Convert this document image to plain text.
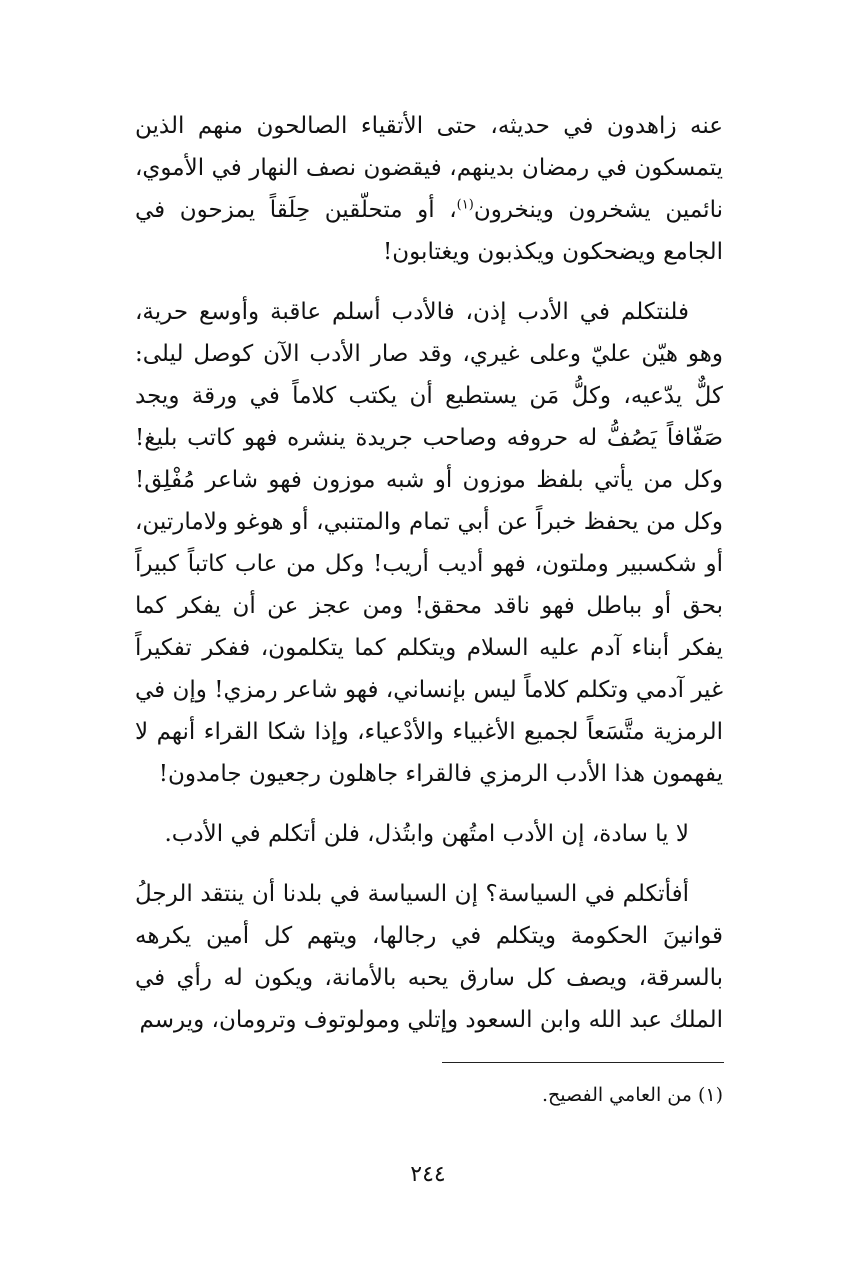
عنه زاهدون في حديثه، حتى الأتقياء الصالحون منهم الذين يتمسكون في رمضان بدينهم، فيقضون نصف النهار في الأموي، نائمين يشخرون وينخرون$^{(١)}$، أو متحلّقين حِلَقاً يمزحون في الجامع ويضحكون ويكذبون ويغتابون!

فلنتكلم في الأدب إذن، فالأدب أسلم عاقبة وأوسع حرية، وهو هيّن عليّ وعلى غيري، وقد صار الأدب الآن كوصل ليلى: كلٌّ يدّعيه، وكلُّ مَن يستطيع أن يكتب كلاماً في ورقة ويجد صَفّافاً يَصُفُّ له حروفه وصاحب جريدة ينشره فهو كاتب بليغ! وكل من يأتي بلفظ موزون أو شبه موزون فهو شاعر مُفْلِق! وكل من يحفظ خبراً عن أبي تمام والمتنبي، أو هوغو ولامارتين، أو شكسبير وملتون، فهو أديب أريب! وكل من عاب كاتباً كبيراً بحق أو بباطل فهو ناقد محقق! ومن عجز عن أن يفكر كما يفكر أبناء آدم عليه السلام ويتكلم كما يتكلمون، ففكر تفكيراً غير آدمي وتكلم كلاماً ليس بإنساني، فهو شاعر رمزي! وإن في الرمزية متَّسَعاً لجميع الأغبياء والأدْعياء، وإذا شكا القراء أنهم لا يفهمون هذا الأدب الرمزي فالقراء جاهلون رجعيون جامدون!

لا يا سادة، إن الأدب امتُهن وابتُذل، فلن أتكلم في الأدب.

أفأتكلم في السياسة؟ إن السياسة في بلدنا أن ينتقد الرجلُ قوانينَ الحكومة ويتكلم في رجالها، ويتهم كل أمين يكرهه بالسرقة، ويصف كل سارق يحبه بالأمانة، ويكون له رأي في الملك عبد الله وابن السعود وإتلي ومولوتوف وترومان، ويرسم

(١) من العامي الفصيح.
٢٤٤
